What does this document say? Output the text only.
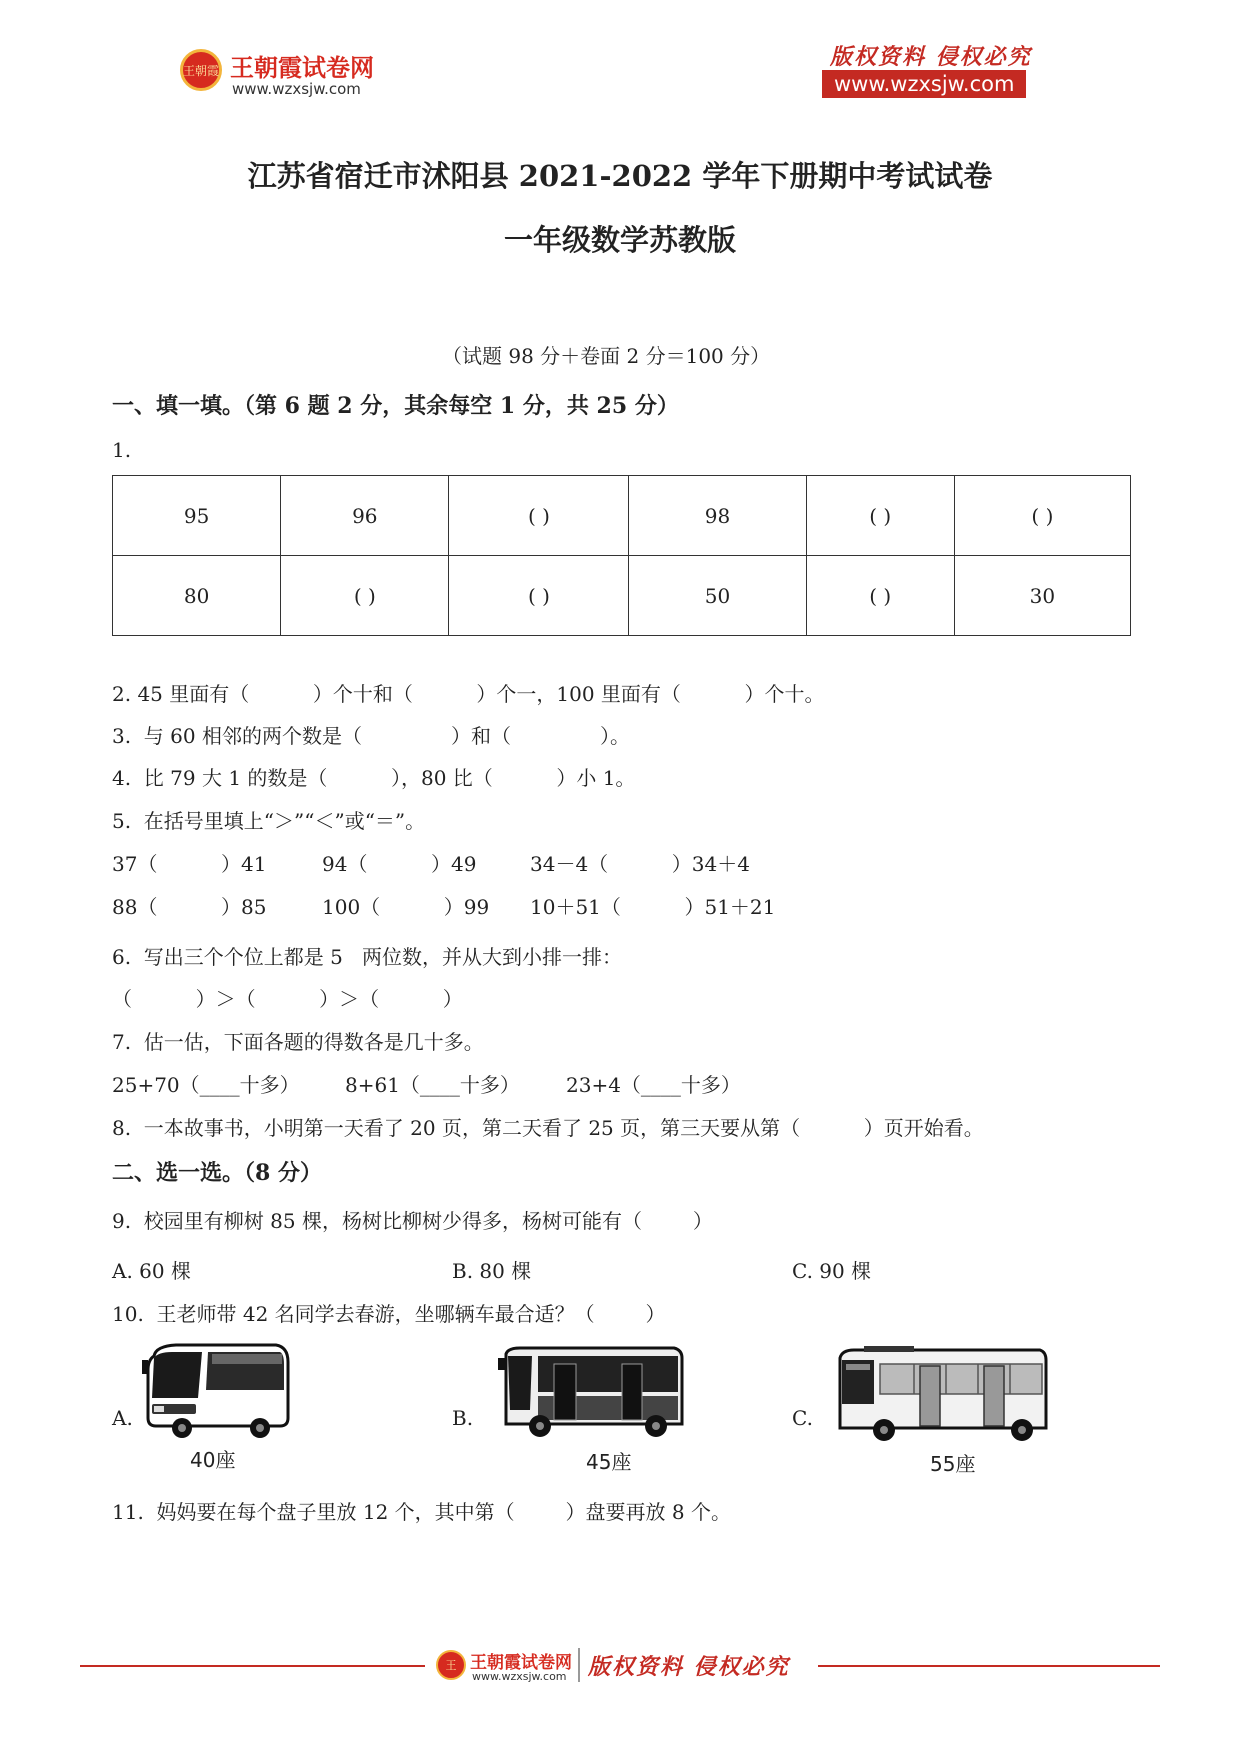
王朝霞 王朝霞试卷网
www.wzxsjw.com
版权资料 侵权必究
www.wzxsjw.com
江苏省宿迁市沭阳县 2021-2022 学年下册期中考试试卷
一年级数学苏教版
（试题 98 分＋卷面 2 分＝100 分）
一、填一填。（第 6 题 2 分，其余每空 1 分，共 25 分）
1.
95	96	( )	98	( )	( )
80	( )	( )	50	( )	30
2. 45 里面有（          ）个十和（          ）个一，100 里面有（          ）个十。
3.  与 60 相邻的两个数是（              ）和（              ）。
4.  比 79 大 1 的数是（          ），80 比（          ）小 1。
5.  在括号里填上“＞”“＜”或“＝”。
37（          ）41	94（          ）49	34－4（          ）34＋4
88（          ）85	100（          ）99 10＋51（          ）51＋21
6.  写出三个个位上都是 5   两位数，并从大到小排一排：
（          ）＞（          ）＞（          ）
7.  估一估，下面各题的得数各是几十多。
25+70（____十多） 8+61（____十多） 23+4（____十多）
8.  一本故事书，小明第一天看了 20 页，第二天看了 25 页，第三天要从第（          ）页开始看。
二、选一选。（8 分）
9.  校园里有柳树 85 棵，杨树比柳树少得多，杨树可能有（        ）
A. 60 棵	B. 80 棵	C. 90 棵
10.  王老师带 42 名同学去春游，坐哪辆车最合适？（        ）
A.
40座
B.
45座
C.
55座
11.  妈妈要在每个盘子里放 12 个，其中第（        ）盘要再放 8 个。
王 王朝霞试卷网
www.wzxsjw.com 版权资料 侵权必究
